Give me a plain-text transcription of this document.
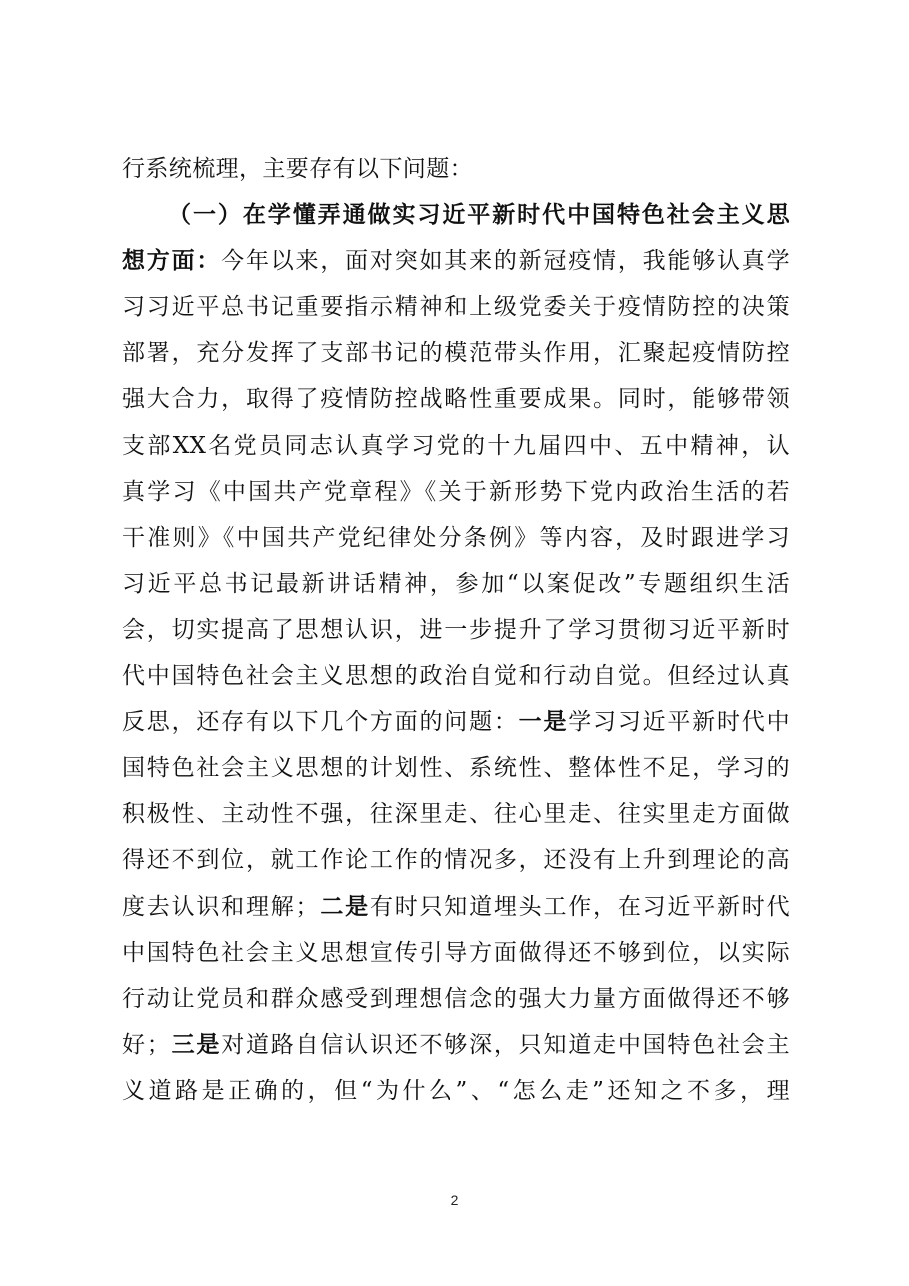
行系统梳理，主要存有以下问题：
（一）在学懂弄通做实习近平新时代中国特色社会主义思
想方面：今年以来，面对突如其来的新冠疫情，我能够认真学
习习近平总书记重要指示精神和上级党委关于疫情防控的决策
部署，充分发挥了支部书记的模范带头作用，汇聚起疫情防控
强大合力，取得了疫情防控战略性重要成果。同时，能够带领
支部XX名党员同志认真学习党的十九届四中、五中精神，认
真学习《中国共产党章程》《关于新形势下党内政治生活的若
干准则》《中国共产党纪律处分条例》等内容，及时跟进学习
习近平总书记最新讲话精神，参加“以案促改”专题组织生活
会，切实提高了思想认识，进一步提升了学习贯彻习近平新时
代中国特色社会主义思想的政治自觉和行动自觉。但经过认真
反思，还存有以下几个方面的问题：一是学习习近平新时代中
国特色社会主义思想的计划性、系统性、整体性不足，学习的
积极性、主动性不强，往深里走、往心里走、往实里走方面做
得还不到位，就工作论工作的情况多，还没有上升到理论的高
度去认识和理解；二是有时只知道埋头工作，在习近平新时代
中国特色社会主义思想宣传引导方面做得还不够到位，以实际
行动让党员和群众感受到理想信念的强大力量方面做得还不够
好；三是对道路自信认识还不够深，只知道走中国特色社会主
义道路是正确的，但“为什么”、“怎么走”还知之不多，理
2
